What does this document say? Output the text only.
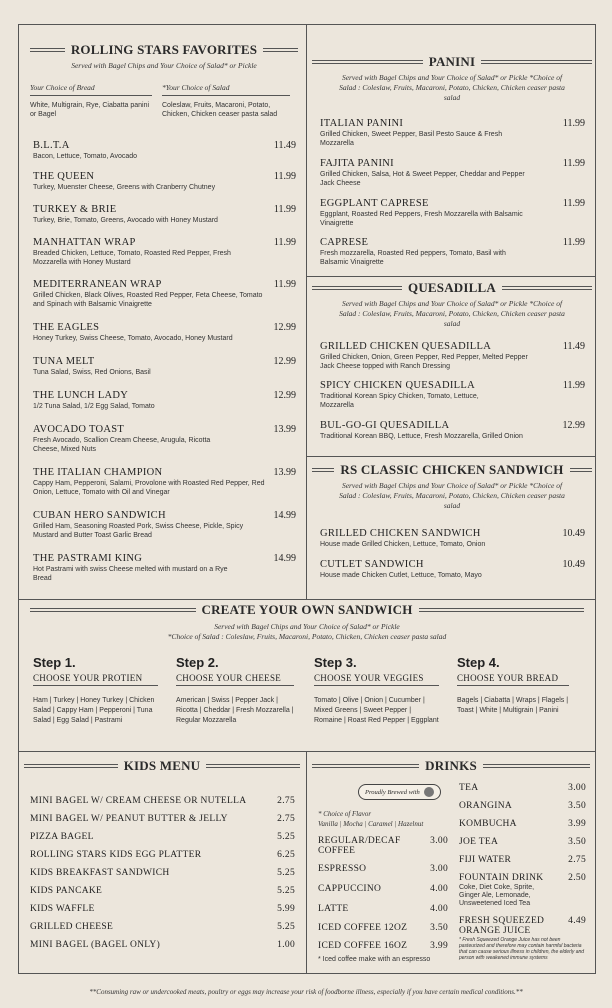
ROLLING STARS FAVORITES
Served with Bagel Chips and Your Choice of Salad* or Pickle
Your Choice of Bread
White, Multigrain, Rye, Ciabatta panini or Bagel
*Your Choice of Salad
Coleslaw, Fruits, Macaroni, Potato, Chicken, Chicken ceaser pasta salad
B.L.T.A	11.49
Bacon, Lettuce, Tomato, Avocado
THE QUEEN	11.99
Turkey, Muenster Cheese, Greens with Cranberry Chutney
TURKEY & BRIE	11.99
Turkey, Brie, Tomato, Greens, Avocado with Honey Mustard
MANHATTAN WRAP	11.99
Breaded Chicken, Lettuce, Tomato, Roasted Red Pepper, Fresh Mozzarella with Honey Mustard
MEDITERRANEAN WRAP	11.99
Grilled Chicken, Black Olives, Roasted Red Pepper, Feta Cheese, Tomato and Spinach with Balsamic Vinaigrette
THE EAGLES	12.99
Honey Turkey, Swiss Cheese, Tomato, Avocado, Honey Mustard
TUNA MELT	12.99
Tuna Salad, Swiss, Red Onions, Basil
THE LUNCH LADY	12.99
1/2 Tuna Salad, 1/2 Egg Salad, Tomato
AVOCADO TOAST	13.99
Fresh Avocado, Scallion Cream Cheese, Arugula, Ricotta Cheese, Mixed Nuts
THE ITALIAN CHAMPION	13.99
Cappy Ham, Pepperoni, Salami, Provolone with Roasted Red Pepper, Red Onion, Lettuce, Tomato with Oil and Vinegar
CUBAN HERO SANDWICH	14.99
Grilled Ham, Seasoning Roasted Pork, Swiss Cheese, Pickle, Spicy Mustard and Butter Toast Garlic Bread
THE PASTRAMI KING	14.99
Hot Pastrami with swiss Cheese melted with mustard on a Rye Bread
PANINI
Served with Bagel Chips and Your Choice of Salad* or Pickle *Choice of Salad : Coleslaw, Fruits, Macaroni, Potato, Chicken, Chicken ceaser pasta salad
ITALIAN PANINI	11.99
Grilled Chicken, Sweet Pepper, Basil Pesto Sauce & Fresh Mozzarella
FAJITA PANINI	11.99
Grilled Chicken, Salsa, Hot & Sweet Pepper, Cheddar and Pepper Jack Cheese
EGGPLANT CAPRESE	11.99
Eggplant, Roasted Red Peppers, Fresh Mozzarella with Balsamic Vinaigrette
CAPRESE	11.99
Fresh mozzarella, Roasted Red peppers, Tomato, Basil with Balsamic Vinaigrette
QUESADILLA
Served with Bagel Chips and Your Choice of Salad* or Pickle *Choice of Salad : Coleslaw, Fruits, Macaroni, Potato, Chicken, Chicken ceaser pasta salad
GRILLED CHICKEN QUESADILLA	11.49
Grilled Chicken, Onion, Green Pepper, Red Pepper, Melted Pepper Jack Cheese topped with Ranch Dressing
SPICY CHICKEN QUESADILLA	11.99
Traditional Korean Spicy Chicken, Tomato, Lettuce, Mozzarella
BUL-GO-GI QUESADILLA	12.99
Traditional Korean BBQ, Lettuce, Fresh Mozzarella, Grilled Onion
RS CLASSIC CHICKEN SANDWICH
Served with Bagel Chips and Your Choice of Salad* or Pickle *Choice of Salad : Coleslaw, Fruits, Macaroni, Potato, Chicken, Chicken ceaser pasta salad
GRILLED CHICKEN SANDWICH	10.49
House made Grilled Chicken, Lettuce, Tomato, Onion
CUTLET SANDWICH	10.49
House made Chicken Cutlet, Lettuce, Tomato, Mayo
CREATE YOUR OWN SANDWICH
Served with Bagel Chips and Your Choice of Salad* or Pickle
*Choice of Salad : Coleslaw, Fruits, Macaroni, Potato, Chicken, Chicken ceaser pasta salad
Step 1.
CHOOSE YOUR PROTIEN
Ham | Turkey | Honey Turkey | Chicken Salad | Cappy Ham | Pepperoni | Tuna Salad | Egg Salad | Pastrami
Step 2.
CHOOSE YOUR CHEESE
American | Swiss | Pepper Jack | Ricotta | Cheddar | Fresh Mozzarella | Regular Mozzarella
Step 3.
CHOOSE YOUR VEGGIES
Tomato | Olive | Onion | Cucumber | Mixed Greens | Sweet Pepper | Romaine | Roast Red Pepper | Eggplant
Step 4.
CHOOSE YOUR BREAD
Bagels | Ciabatta | Wraps | Flagels | Toast | White | Multigrain | Panini
KIDS MENU
MINI BAGEL W/ CREAM CHEESE OR NUTELLA	2.75
MINI BAGEL W/ PEANUT BUTTER & JELLY	2.75
PIZZA BAGEL	5.25
ROLLING STARS KIDS EGG PLATTER	6.25
KIDS BREAKFAST SANDWICH	5.25
KIDS PANCAKE	5.25
KIDS WAFFLE	5.99
GRILLED CHEESE	5.25
MINI BAGEL (BAGEL ONLY)	1.00
DRINKS
Proudly Brewed with
* Choice of Flavor
Vanilla | Mocha | Caramel | Hazelnut
REGULAR/DECAF COFFEE
3.00
ESPRESSO	3.00
CAPPUCCINO	4.00
LATTE	4.00
ICED COFFEE 12OZ 3.50
ICED COFFEE 16OZ 3.99
* Iced coffee make with an espresso
TEA	3.00
ORANGINA	3.50
KOMBUCHA	3.99
JOE TEA	3.50
FIJI WATER	2.75
FOUNTAIN DRINK	2.50
Coke, Diet Coke, Sprite, Ginger Ale, Lemonade, Unsweetened Iced Tea
FRESH SQUEEZED ORANGE JUICE
4.49
* Fresh Squeezed Orange Juice has not been pasteurized and therefore may contain harmful bacteria that can cause serious illness in children, the elderly and person with weakened immune systems
**Consuming raw or undercooked meats, poultry or eggs may increase your risk of foodborne illness, especially if you have certain medical conditions.**
